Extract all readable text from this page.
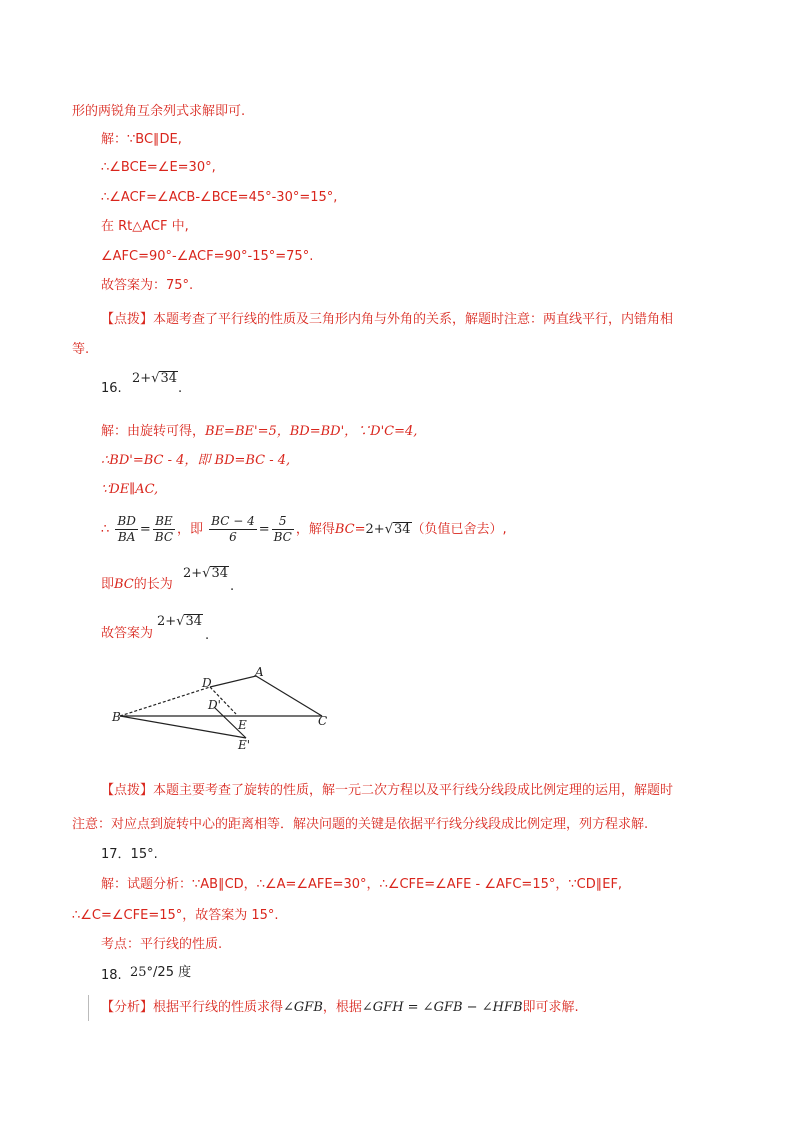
形的两锐角互余列式求解即可.
解：∵BC∥DE,
∴∠BCE=∠E=30°,
∴∠ACF=∠ACB-∠BCE=45°-30°=15°,
在 Rt△ACF 中,
∠AFC=90°-∠ACF=90°-15°=75°.
故答案为：75°.
【点拨】本题考查了平行线的性质及三角形内角与外角的关系，解题时注意：两直线平行，内错角相
等.
16.
2+√34
.
解：由旋转可得，BE=BE'=5，BD=BD'，∵D'C=4,
∴BD'=BC - 4，即 BD=BC - 4,
∵DE∥AC,
∴ $\frac{BD}{BA} = \frac{BE}{BC}$ ，即 $\frac{BC - 4}{6} = \frac{5}{BC}$ ，解得BC=2+√34（负值已舍去）,
即BC的长为
2+√34
.
故答案为
2+√34
.
D
A
D'
B
E	C
E'
【点拨】本题主要考查了旋转的性质，解一元二次方程以及平行线分线段成比例定理的运用，解题时
注意：对应点到旋转中心的距离相等．解决问题的关键是依据平行线分线段成比例定理，列方程求解.
17．15°.
解：试题分析：∵AB∥CD，∴∠A=∠AFE=30°，∴∠CFE=∠AFE - ∠AFC=15°，∵CD∥EF,
∴∠C=∠CFE=15°，故答案为 15°.
考点：平行线的性质.
18. 25°/25 度
【分析】根据平行线的性质求得∠GFB，根据∠GFH = ∠GFB − ∠HFB即可求解.
